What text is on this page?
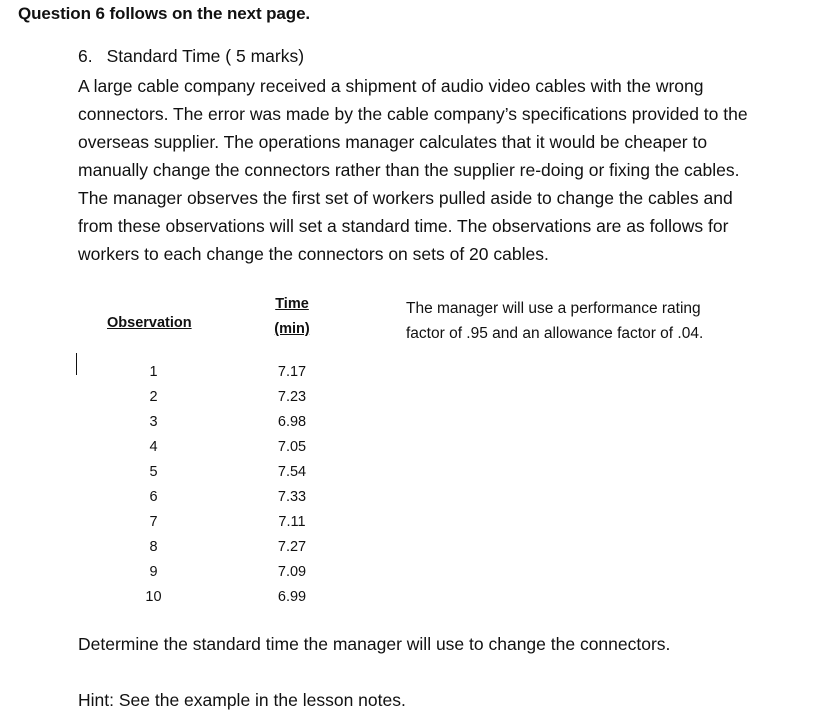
Question 6 follows on the next page.
6. Standard Time ( 5 marks)
A large cable company received a shipment of audio video cables with the wrong
connectors. The error was made by the cable company’s specifications provided to the
overseas supplier. The operations manager calculates that it would be cheaper to
manually change the connectors rather than the supplier re-doing or fixing the cables.
The manager observes the first set of workers pulled aside to change the cables and
from these observations will set a standard time. The observations are as follows for
workers to each change the connectors on sets of 20 cables.
Observation
Time
(min)
The manager will use a performance rating
factor of .95 and an allowance factor of .04.
1	7.17
2	7.23
3	6.98
4	7.05
5	7.54
6	7.33
7	7.11
8	7.27
9	7.09
10	6.99
Determine the standard time the manager will use to change the connectors.
Hint: See the example in the lesson notes.
